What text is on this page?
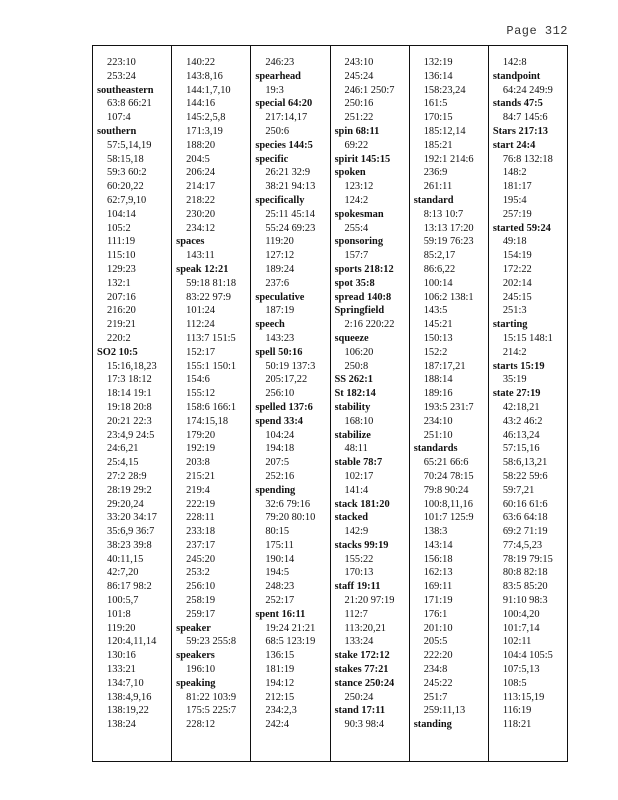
Page 312
223:10
253:24
southeastern
63:8 66:21
107:4
southern
57:5,14,19
58:15,18
59:3 60:2
60:20,22
62:7,9,10
104:14
105:2
111:19
115:10
129:23
132:1
207:16
216:20
219:21
220:2
SO2 10:5
15:16,18,23
17:3 18:12
18:14 19:1
19:18 20:8
20:21 22:3
23:4,9 24:5
24:6,21
25:4,15
27:2 28:9
28:19 29:2
29:20,24
33:20 34:17
35:6,9 36:7
38:23 39:8
40:11,15
42:7,20
86:17 98:2
100:5,7
101:8
119:20
120:4,11,14
130:16
133:21
134:7,10
138:4,9,16
138:19,22
138:24
140:22
143:8,16
144:1,7,10
144:16
145:2,5,8
171:3,19
188:20
204:5
206:24
214:17
218:22
230:20
234:12
spaces
143:11
speak 12:21
59:18 81:18
83:22 97:9
101:24
112:24
113:7 151:5
152:17
155:1 150:1
154:6
155:12
158:6 166:1
174:15,18
179:20
192:19
203:8
215:21
219:4
222:19
228:11
233:18
237:17
245:20
253:2
256:10
258:19
259:17
speaker
59:23 255:8
speakers
196:10
speaking
81:22 103:9
175:5 225:7
228:12
246:23
spearhead
19:3
special 64:20
217:14,17
250:6
species 144:5
specific
26:21 32:9
38:21 94:13
specifically
25:11 45:14
55:24 69:23
119:20
127:12
189:24
237:6
speculative
187:19
speech
143:23
spell 50:16
50:19 137:3
205:17,22
256:10
spelled 137:6
spend 33:4
104:24
194:18
207:5
252:16
spending
32:6 79:16
79:20 80:10
80:15
175:11
190:14
194:5
248:23
252:17
spent 16:11
19:24 21:21
68:5 123:19
136:15
181:19
194:12
212:15
234:2,3
242:4
243:10
245:24
246:1 250:7
250:16
251:22
spin 68:11
69:22
spirit 145:15
spoken
123:12
124:2
spokesman
255:4
sponsoring
157:7
sports 218:12
spot 35:8
spread 140:8
Springfield
2:16 220:22
squeeze
106:20
250:8
SS 262:1
St 182:14
stability
168:10
stabilize
48:11
stable 78:7
102:17
141:4
stack 181:20
stacked
142:9
stacks 99:19
155:22
170:13
staff 19:11
21:20 97:19
112:7
113:20,21
133:24
stake 172:12
stakes 77:21
stance 250:24
250:24
stand 17:11
90:3 98:4
132:19
136:14
158:23,24
161:5
170:15
185:12,14
185:21
192:1 214:6
236:9
261:11
standard
8:13 10:7
13:13 17:20
59:19 76:23
85:2,17
86:6,22
100:14
106:2 138:1
143:5
145:21
150:13
152:2
187:17,21
188:14
189:16
193:5 231:7
234:10
251:10
standards
65:21 66:6
70:24 78:15
79:8 90:24
100:8,11,16
101:7 125:9
138:3
143:14
156:18
162:13
169:11
171:19
176:1
201:10
205:5
222:20
234:8
245:22
251:7
259:11,13
standing
142:8
standpoint
64:24 249:9
stands 47:5
84:7 145:6
Stars 217:13
start 24:4
76:8 132:18
148:2
181:17
195:4
257:19
started 59:24
49:18
154:19
172:22
202:14
245:15
251:3
starting
15:15 148:1
214:2
starts 15:19
35:19
state 27:19
42:18,21
43:2 46:2
46:13,24
57:15,16
58:6,13,21
58:22 59:6
59:7,21
60:16 61:6
63:6 64:18
69:2 71:19
77:4,5,23
78:19 79:15
80:8 82:18
83:5 85:20
91:10 98:3
100:4,20
101:7,14
102:11
104:4 105:5
107:5,13
108:5
113:15,19
116:19
118:21
